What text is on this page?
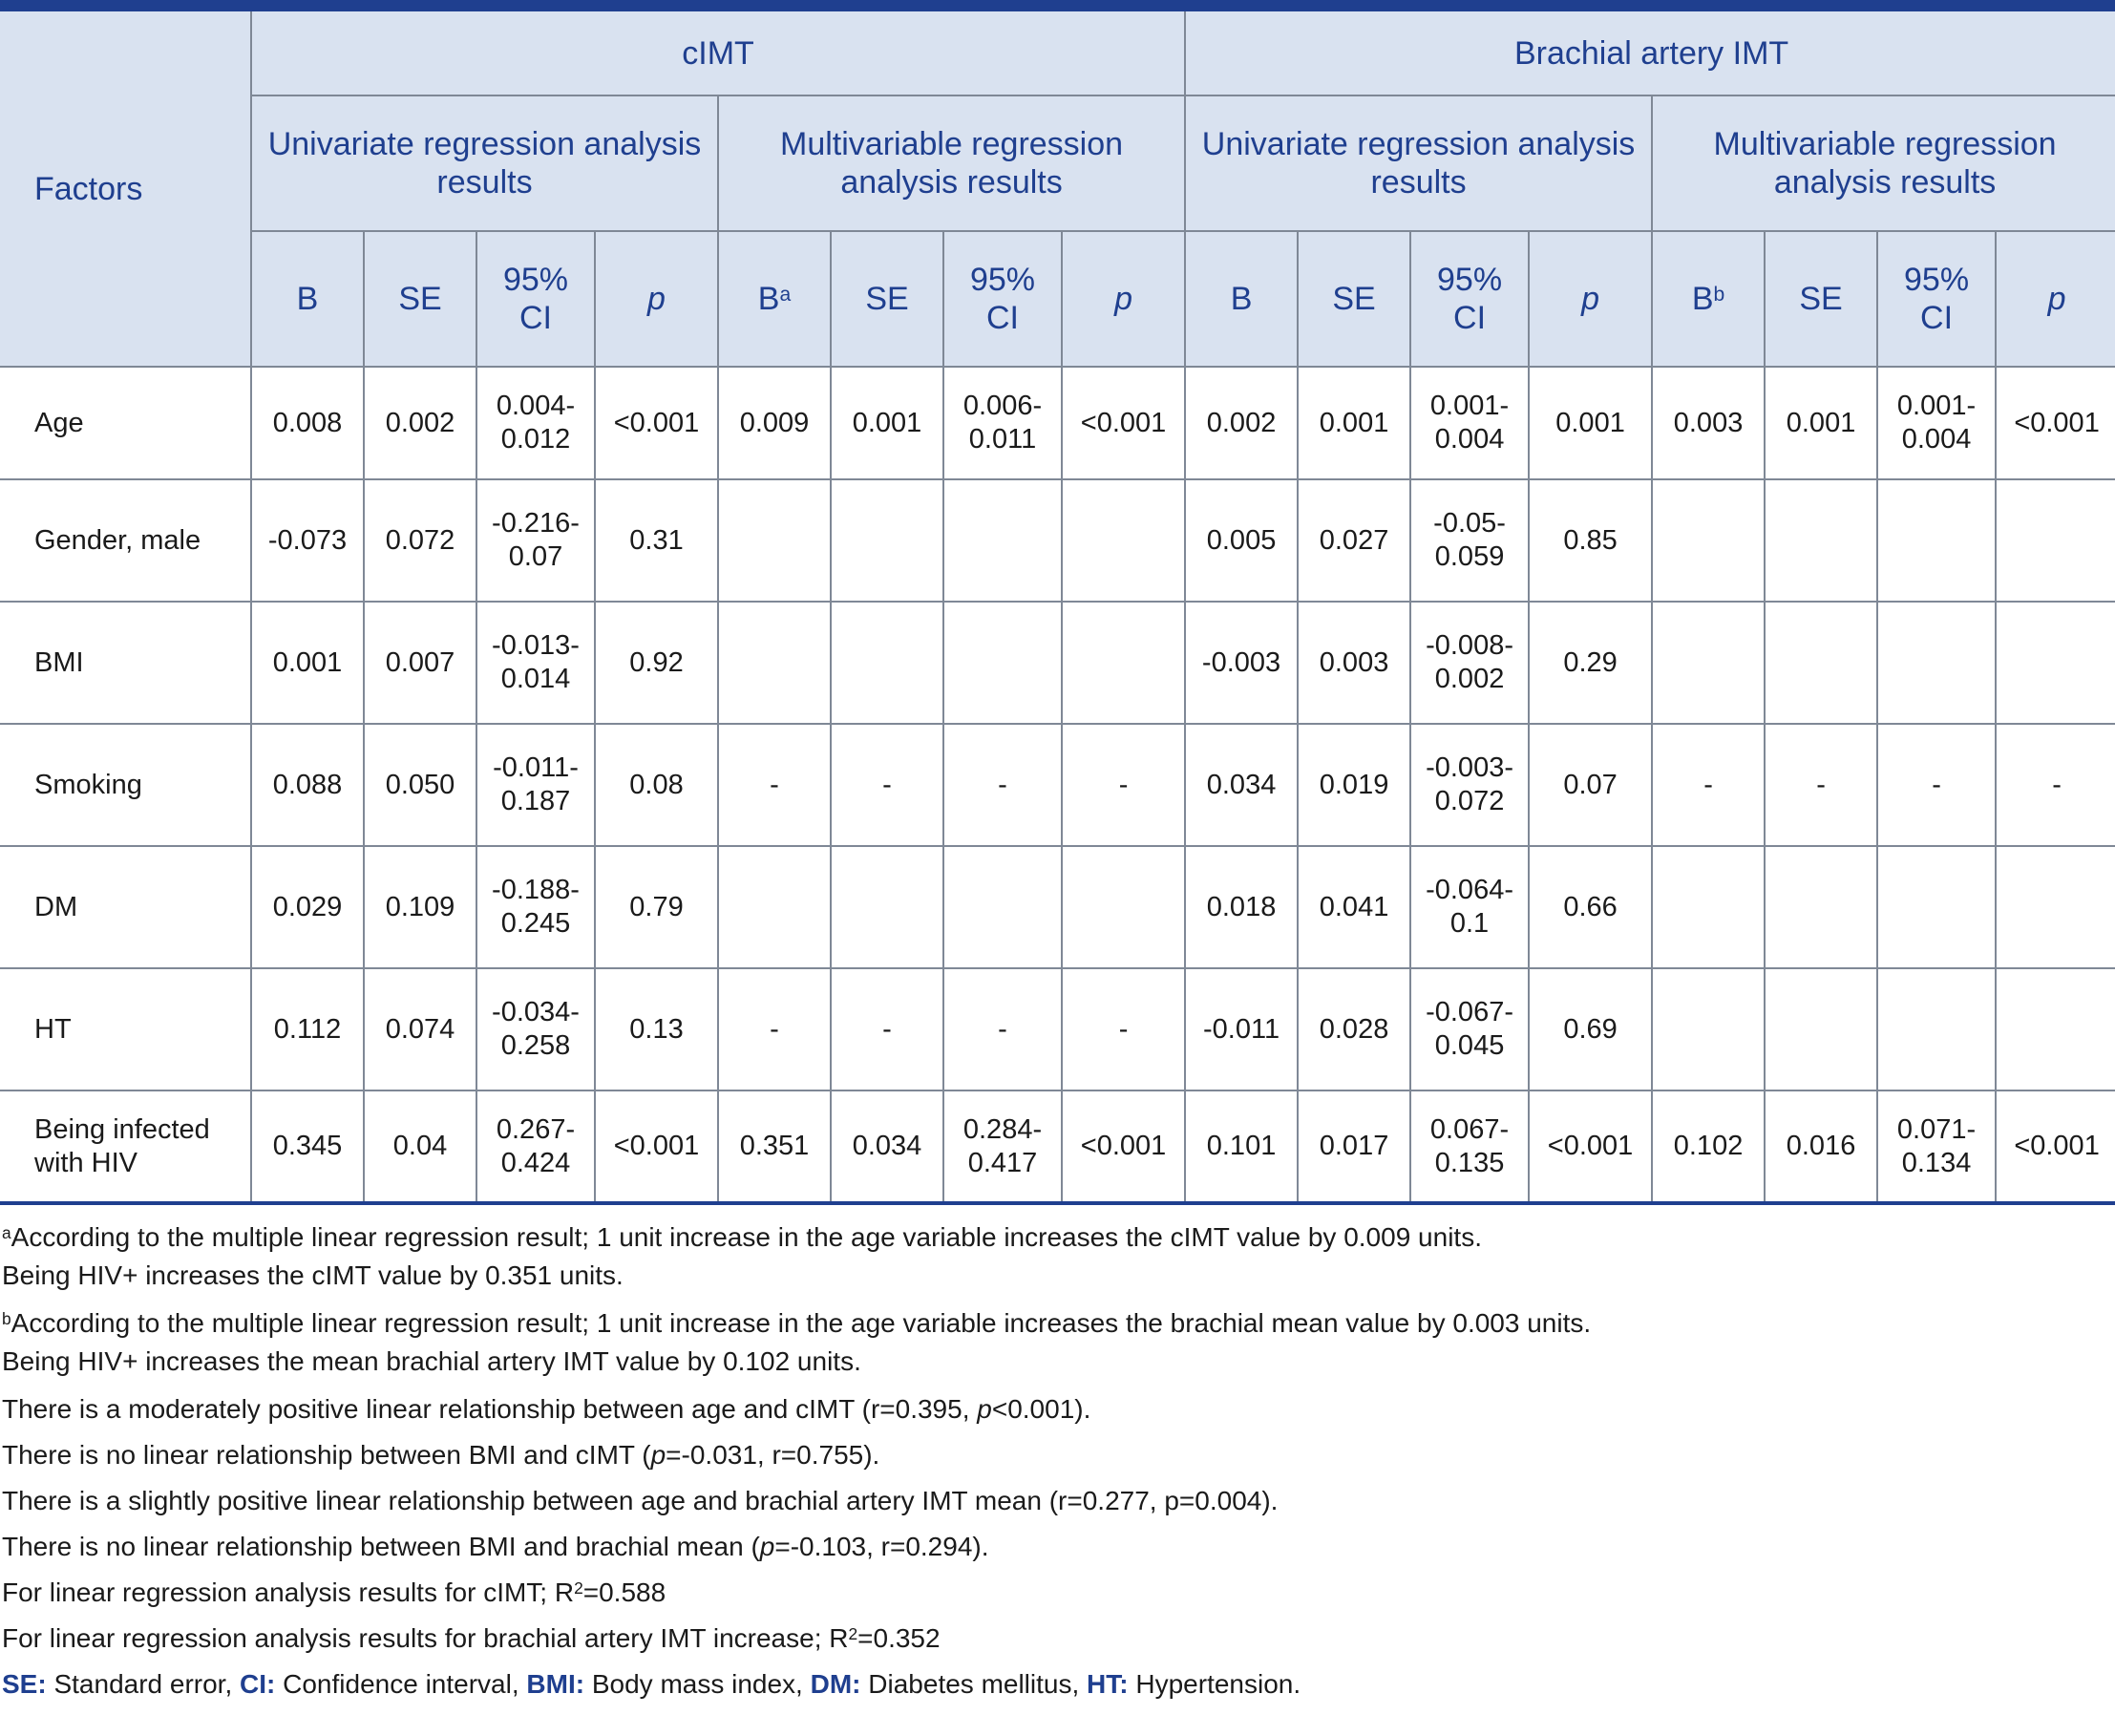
Factors	cIMT								Brachial artery IMT							
	Univariate regression analysis results				Multivariable regression analysis results				Univariate regression analysis results				Multivariable regression analysis results			
	B	SE	95% CI	p	$B^a$	SE	95% CI	p	B	SE	95% CI	p	$B^b$	SE	95% CI	p
Age	0.008	0.002	0.004-0.012	<0.001	0.009	0.001	0.006-0.011	<0.001	0.002	0.001	0.001-0.004	0.001	0.003	0.001	0.001-0.004	<0.001
Gender, male	-0.073	0.072	-0.216-0.07	0.31					0.005	0.027	-0.05-0.059	0.85				
BMI	0.001	0.007	-0.013-0.014	0.92					-0.003	0.003	-0.008-0.002	0.29				
Smoking	0.088	0.050	-0.011-0.187	0.08	-	-	-	-	0.034	0.019	-0.003-0.072	0.07	-	-	-	-
DM	0.029	0.109	-0.188-0.245	0.79					0.018	0.041	-0.064-0.1	0.66				
HT	0.112	0.074	-0.034-0.258	0.13	-	-	-	-	-0.011	0.028	-0.067-0.045	0.69				
Being infected with HIV	0.345	0.04	0.267-0.424	<0.001	0.351	0.034	0.284-0.417	<0.001	0.101	0.017	0.067-0.135	<0.001	0.102	0.016	0.071-0.134	<0.001
$^a$According to the multiple linear regression result; 1 unit increase in the age variable increases the cIMT value by 0.009 units.
Being HIV+ increases the cIMT value by 0.351 units.
$^b$According to the multiple linear regression result; 1 unit increase in the age variable increases the brachial mean value by 0.003 units.
Being HIV+ increases the mean brachial artery IMT value by 0.102 units.
There is a moderately positive linear relationship between age and cIMT (r=0.395, p<0.001).
There is no linear relationship between BMI and cIMT (p=-0.031, r=0.755).
There is a slightly positive linear relationship between age and brachial artery IMT mean (r=0.277, p=0.004).
There is no linear relationship between BMI and brachial mean (p=-0.103, r=0.294).
For linear regression analysis results for cIMT; $R^2=0.588$
For linear regression analysis results for brachial artery IMT increase; $R^2=0.352$
SE: Standard error, CI: Confidence interval, BMI: Body mass index, DM: Diabetes mellitus, HT: Hypertension.
